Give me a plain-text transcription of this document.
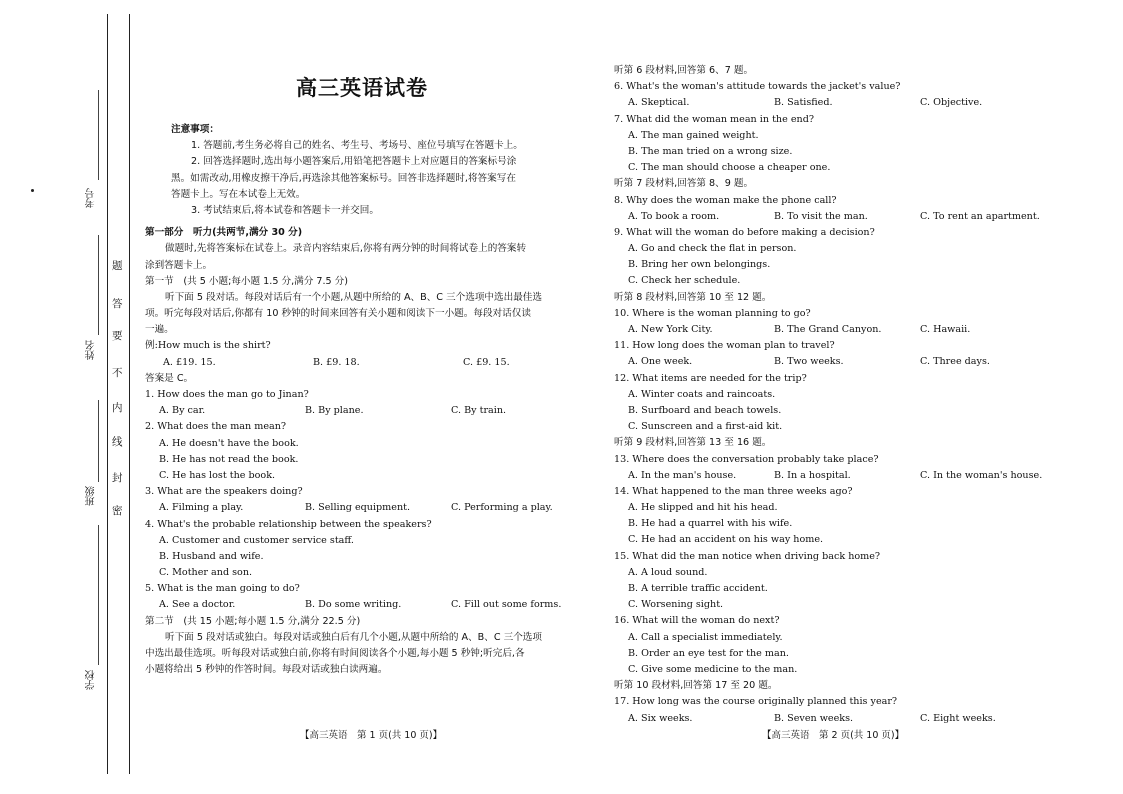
考号
姓名
班级
学校
题
答
要
不
内
线
封
密
高三英语试卷
注意事项：
1. 答题前,考生务必将自己的姓名、考生号、考场号、座位号填写在答题卡上。
2. 回答选择题时,选出每小题答案后,用铅笔把答题卡上对应题目的答案标号涂
黑。如需改动,用橡皮擦干净后,再选涂其他答案标号。回答非选择题时,将答案写在
答题卡上。写在本试卷上无效。
3. 考试结束后,将本试卷和答题卡一并交回。
第一部分　听力(共两节,满分 30 分)
做题时,先将答案标在试卷上。录音内容结束后,你将有两分钟的时间将试卷上的答案转
涂到答题卡上。
第一节　(共 5 小题;每小题 1.5 分,满分 7.5 分)
听下面 5 段对话。每段对话后有一个小题,从题中所给的 A、B、C 三个选项中选出最佳选
项。听完每段对话后,你都有 10 秒钟的时间来回答有关小题和阅读下一小题。每段对话仅读
一遍。
例:How much is the shirt?
A. £19. 15.	B. £9. 18.	C. £9. 15.
答案是 C。
1. How does the man go to Jinan?
A. By car.	B. By plane.	C. By train.
2. What does the man mean?
A. He doesn't have the book.
B. He has not read the book.
C. He has lost the book.
3. What are the speakers doing?
A. Filming a play.	B. Selling equipment.	C. Performing a play.
4. What's the probable relationship between the speakers?
A. Customer and customer service staff.
B. Husband and wife.
C. Mother and son.
5. What is the man going to do?
A. See a doctor.	B. Do some writing.	C. Fill out some forms.
第二节　(共 15 小题;每小题 1.5 分,满分 22.5 分)
听下面 5 段对话或独白。每段对话或独白后有几个小题,从题中所给的 A、B、C 三个选项
中选出最佳选项。听每段对话或独白前,你将有时间阅读各个小题,每小题 5 秒钟;听完后,各
小题将给出 5 秒钟的作答时间。每段对话或独白读两遍。
听第 6 段材料,回答第 6、7 题。
6. What's the woman's attitude towards the jacket's value?
A. Skeptical.	B. Satisfied.	C. Objective.
7. What did the woman mean in the end?
A. The man gained weight.
B. The man tried on a wrong size.
C. The man should choose a cheaper one.
听第 7 段材料,回答第 8、9 题。
8. Why does the woman make the phone call?
A. To book a room.	B. To visit the man.	C. To rent an apartment.
9. What will the woman do before making a decision?
A. Go and check the flat in person.
B. Bring her own belongings.
C. Check her schedule.
听第 8 段材料,回答第 10 至 12 题。
10. Where is the woman planning to go?
A. New York City.	B. The Grand Canyon.	C. Hawaii.
11. How long does the woman plan to travel?
A. One week.	B. Two weeks.	C. Three days.
12. What items are needed for the trip?
A. Winter coats and raincoats.
B. Surfboard and beach towels.
C. Sunscreen and a first-aid kit.
听第 9 段材料,回答第 13 至 16 题。
13. Where does the conversation probably take place?
A. In the man's house.	B. In a hospital.	C. In the woman's house.
14. What happened to the man three weeks ago?
A. He slipped and hit his head.
B. He had a quarrel with his wife.
C. He had an accident on his way home.
15. What did the man notice when driving back home?
A. A loud sound.
B. A terrible traffic accident.
C. Worsening sight.
16. What will the woman do next?
A. Call a specialist immediately.
B. Order an eye test for the man.
C. Give some medicine to the man.
听第 10 段材料,回答第 17 至 20 题。
17. How long was the course originally planned this year?
A. Six weeks.	B. Seven weeks.	C. Eight weeks.
【高三英语　第 1 页(共 10 页)】	【高三英语　第 2 页(共 10 页)】
